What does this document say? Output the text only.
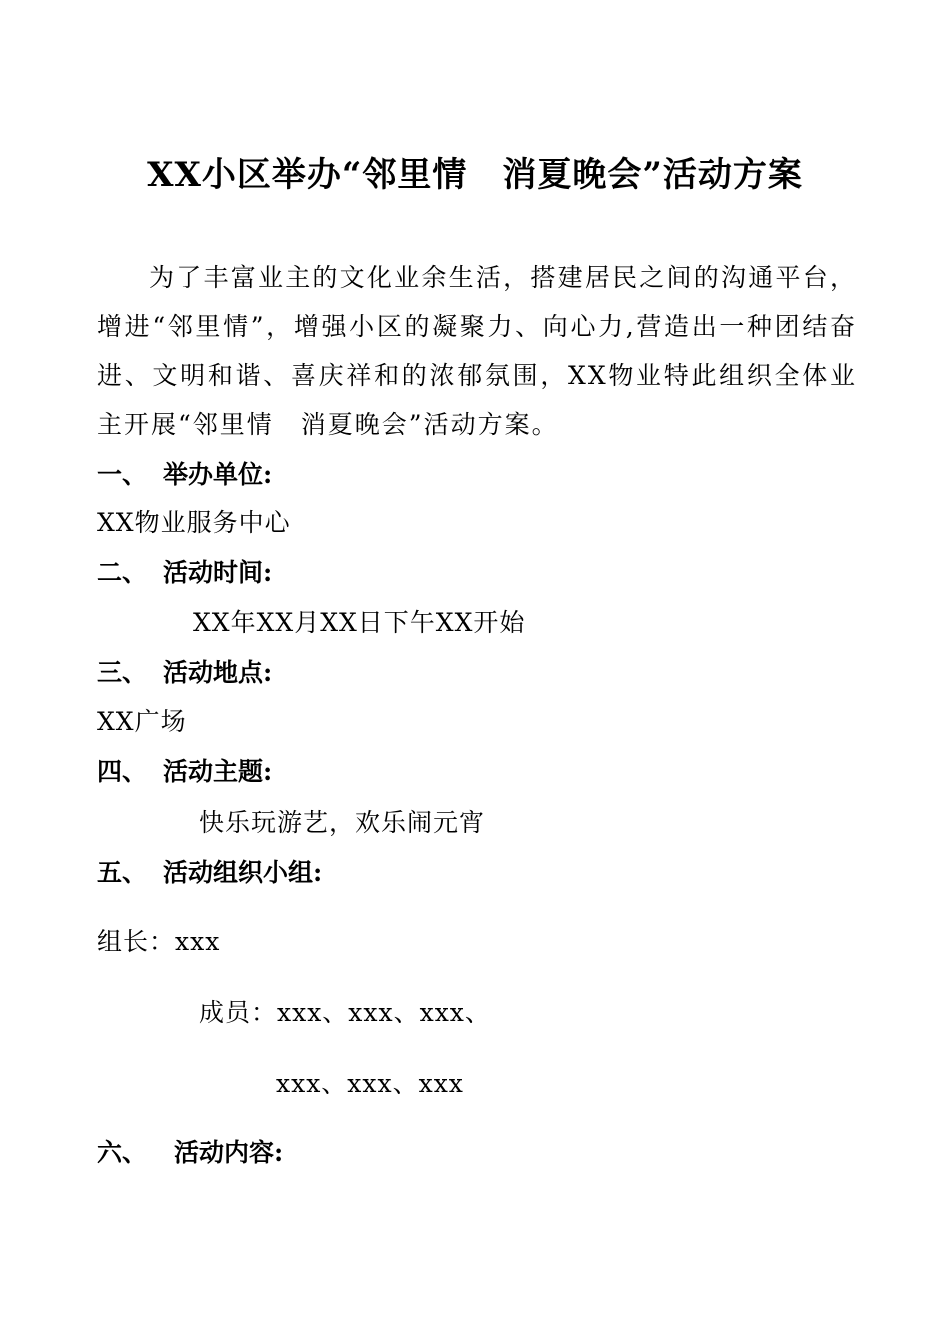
XX小区举办“邻里情　消夏晚会”活动方案

为了丰富业主的文化业余生活，搭建居民之间的沟通平台，增进“邻里情”，增强小区的凝聚力、向心力,营造出一种团结奋进、文明和谐、喜庆祥和的浓郁氛围，XX物业特此组织全体业主开展“邻里情　消夏晚会”活动方案。

一、 举办单位:
XX物业服务中心
二、 活动时间:
XX年XX月XX日下午XX开始
三、 活动地点:
XX广场
四、 活动主题:
快乐玩游艺，欢乐闹元宵
五、 活动组织小组:
组长：xxx
成员：xxx、xxx、xxx、
xxx、xxx、xxx
六、 活动内容:
